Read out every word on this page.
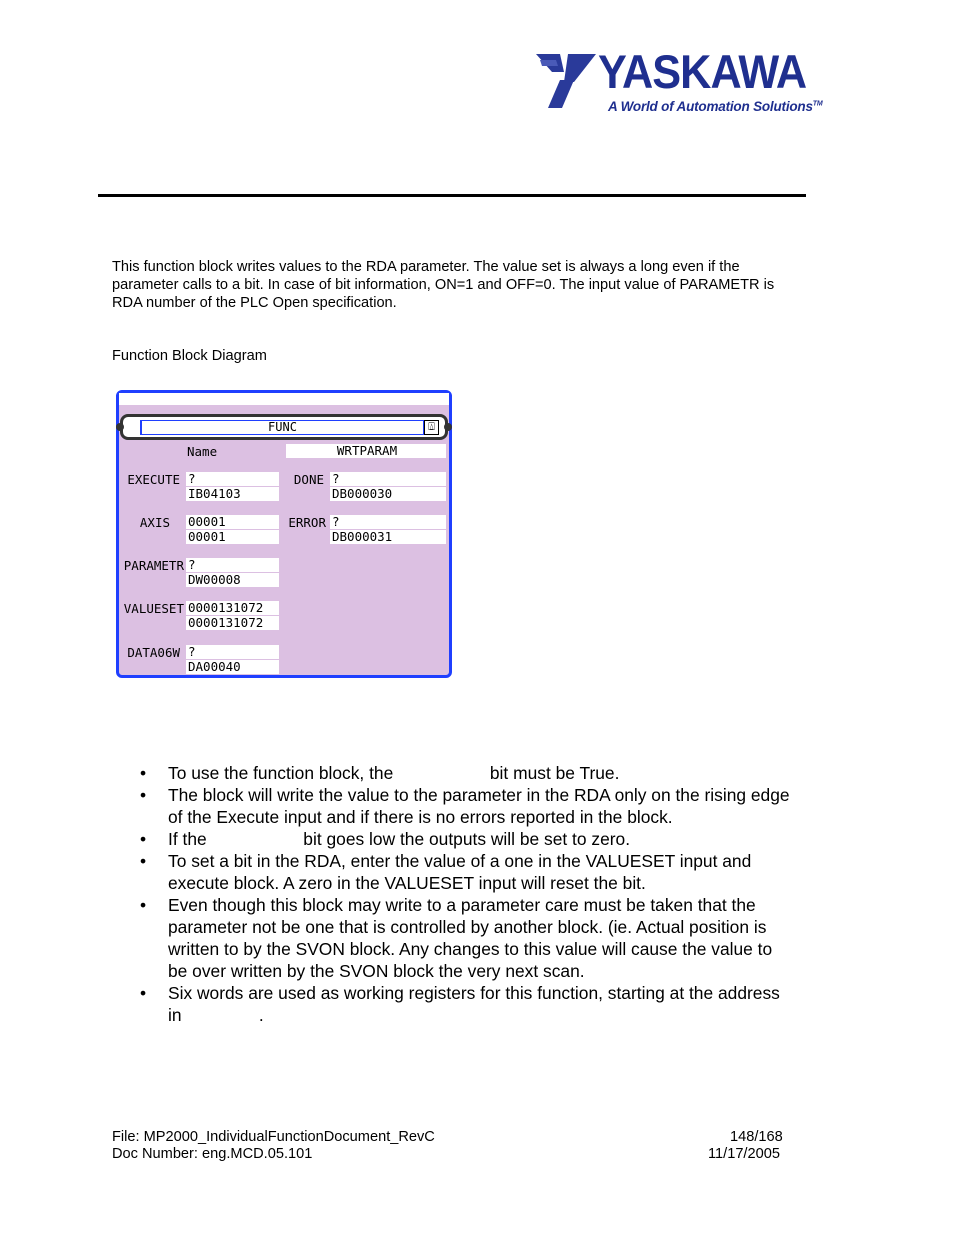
YASKAWA
A World of Automation Solutions™

This function block writes values to the RDA parameter. The value set is always a long even if the

parameter calls to a bit. In case of bit information, ON=1 and OFF=0. The input value of PARAMETR is

RDA number of the PLC Open specification.

Function Block Diagram
FUNC	⍍
Name	WRTPARAM
EXECUTE ?
IB04103
AXIS 00001
00001
PARAMETR ?
DW00008
VALUESET 0000131072
0000131072
DATA06W ?
DA00040
DONE ?
DB000030
ERROR ?
DB000031
• To use the function block, the                    bit must be True.
• The block will write the value to the parameter in the RDA only on the rising edge
of the Execute input and if there is no errors reported in the block.
• If the                    bit goes low the outputs will be set to zero.
• To set a bit in the RDA, enter the value of a one in the VALUESET input and
execute block. A zero in the VALUESET input will reset the bit.
• Even though this block may write to a parameter care must be taken that the
parameter not be one that is controlled by another block. (ie. Actual position is
written to by the SVON block. Any changes to this value will cause the value to
be over written by the SVON block the very next scan.
• Six words are used as working registers for this function, starting at the address
in                .
File: MP2000_IndividualFunctionDocument_RevC
Doc Number: eng.MCD.05.101
148/168
11/17/2005
